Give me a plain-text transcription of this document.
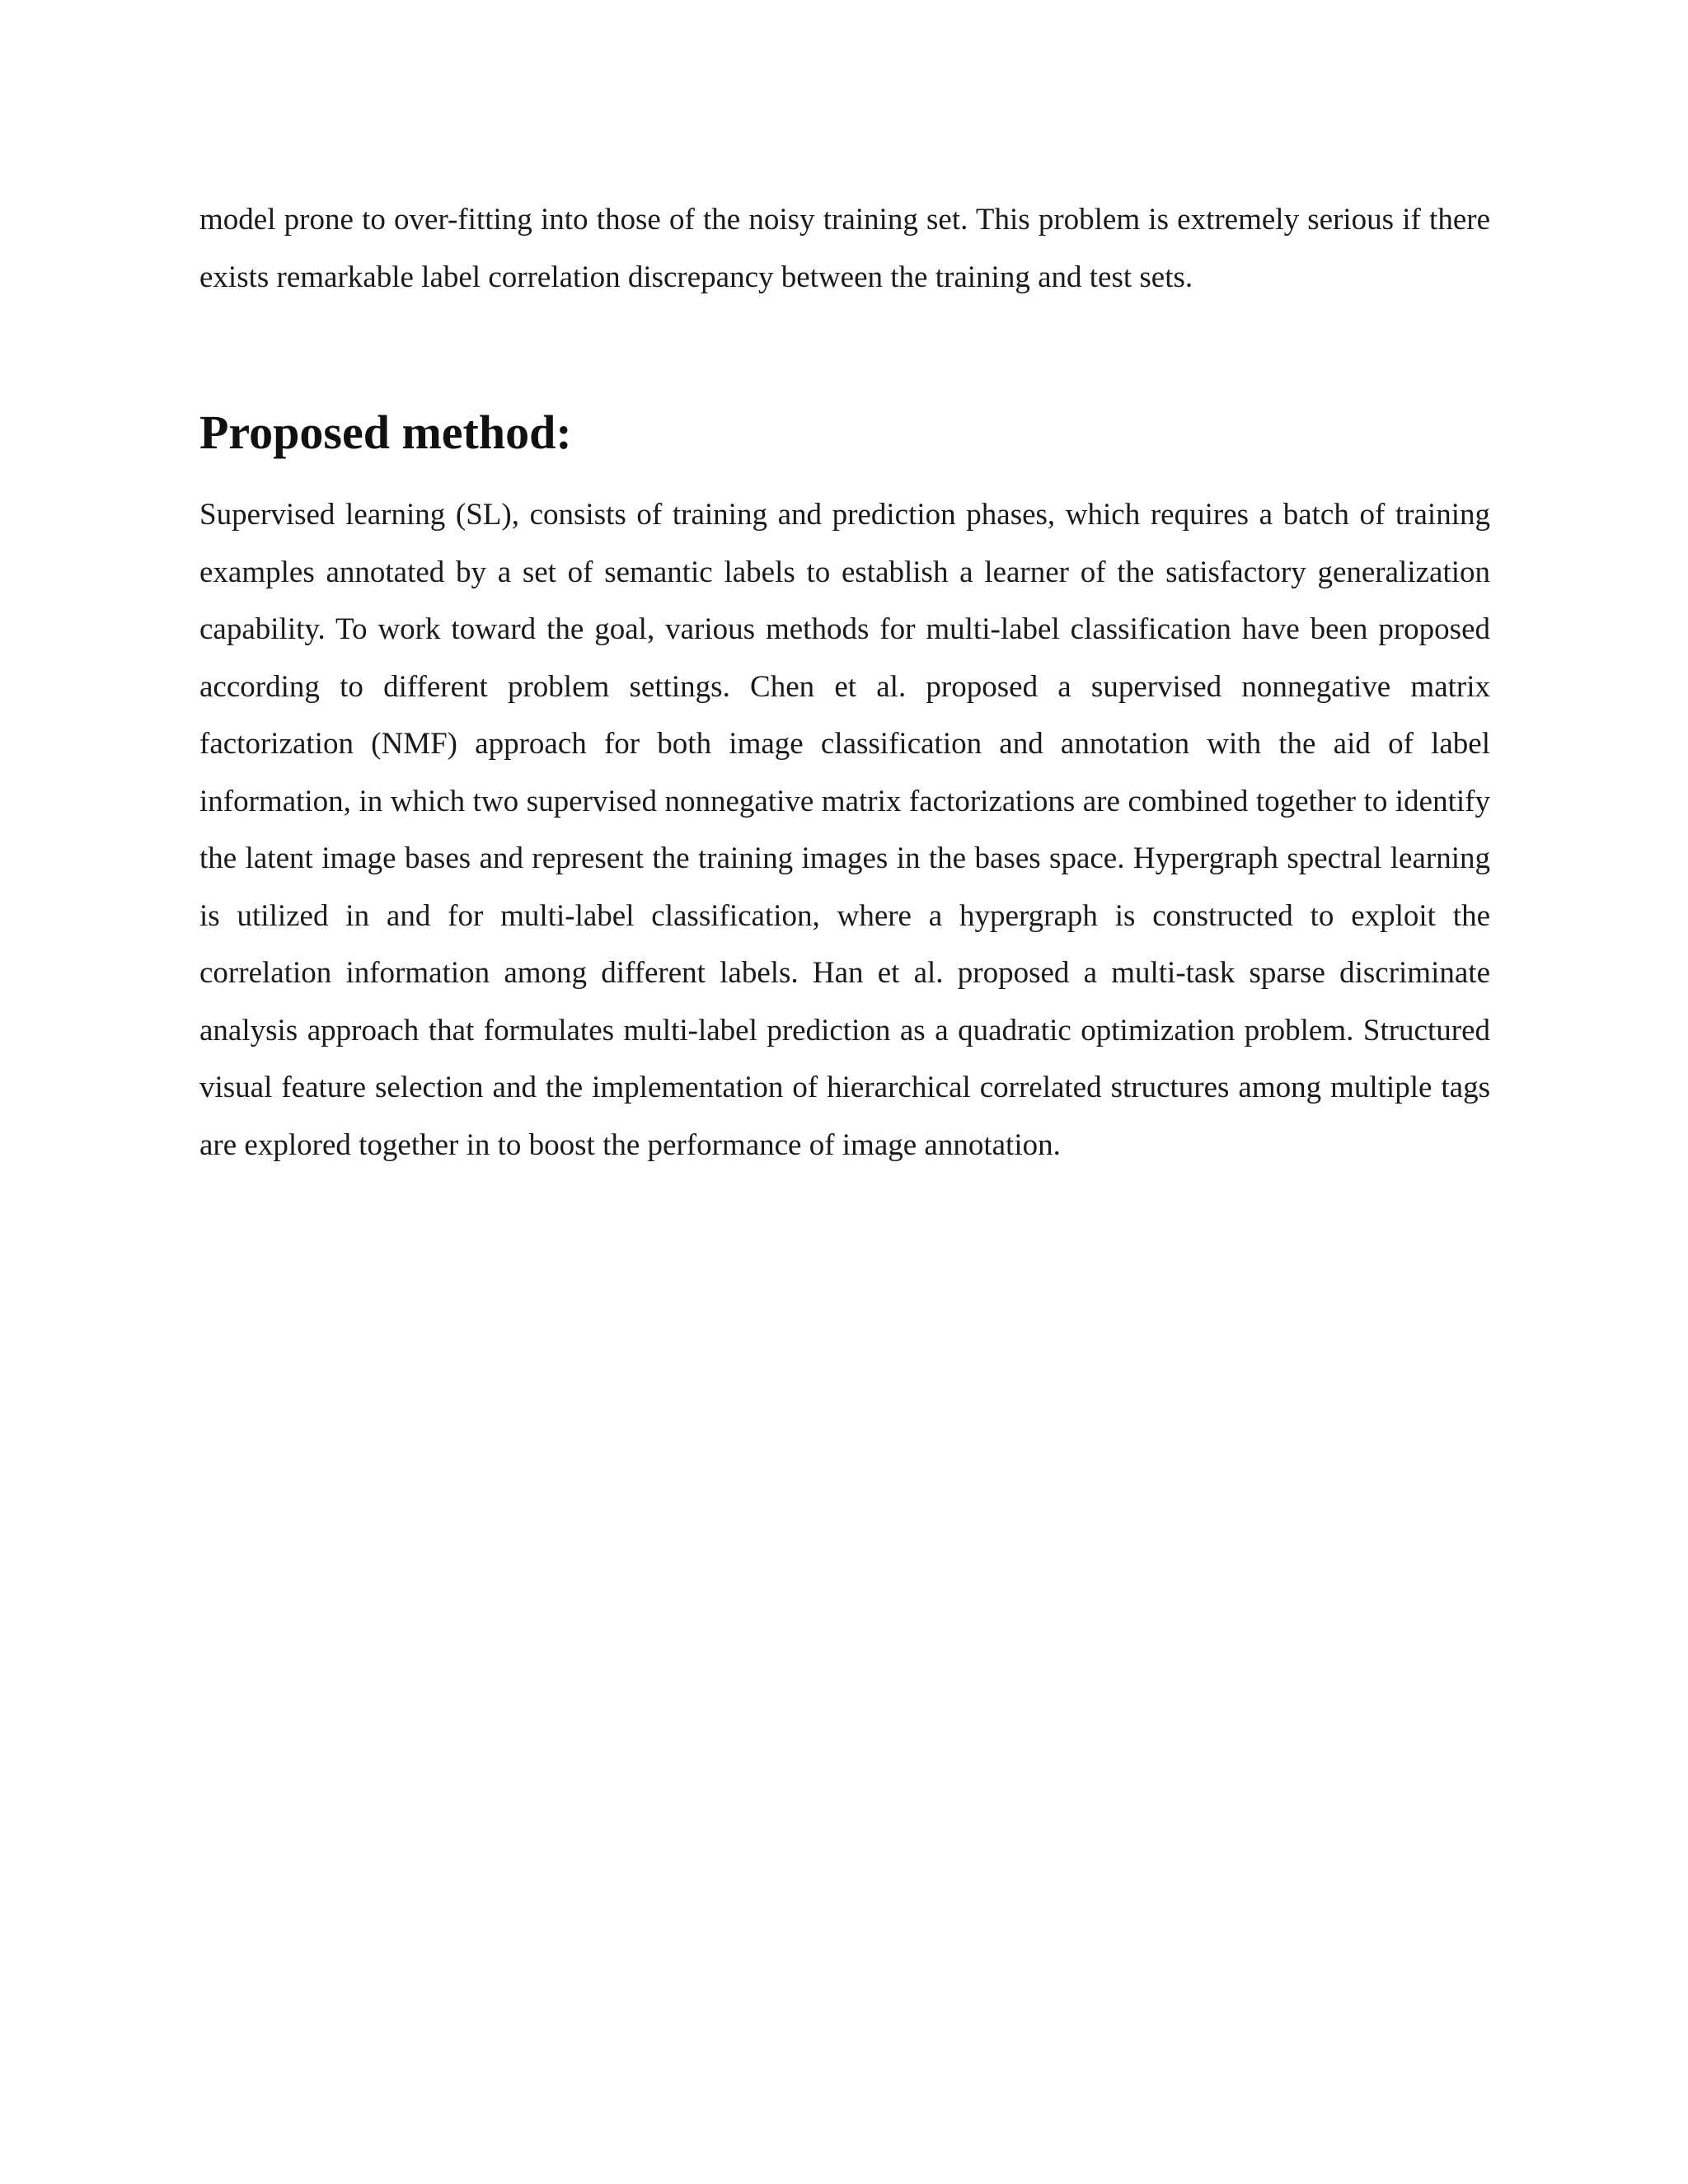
model prone to over-fitting into those of the noisy training set. This problem is extremely serious if there exists remarkable label correlation discrepancy between the training and test sets.

Proposed method:

Supervised learning (SL), consists of training and prediction phases, which requires a batch of training examples annotated by a set of semantic labels to establish a learner of the satisfactory generalization capability. To work toward the goal, various methods for multi-label classification have been proposed according to different problem settings. Chen et al. proposed a supervised nonnegative matrix factorization (NMF) approach for both image classification and annotation with the aid of label information, in which two supervised nonnegative matrix factorizations are combined together to identify the latent image bases and represent the training images in the bases space. Hypergraph spectral learning is utilized in and for multi-label classification, where a hypergraph is constructed to exploit the correlation information among different labels. Han et al. proposed a multi-task sparse discriminate analysis approach that formulates multi-label prediction as a quadratic optimization problem. Structured visual feature selection and the implementation of hierarchical correlated structures among multiple tags are explored together in to boost the performance of image annotation.
